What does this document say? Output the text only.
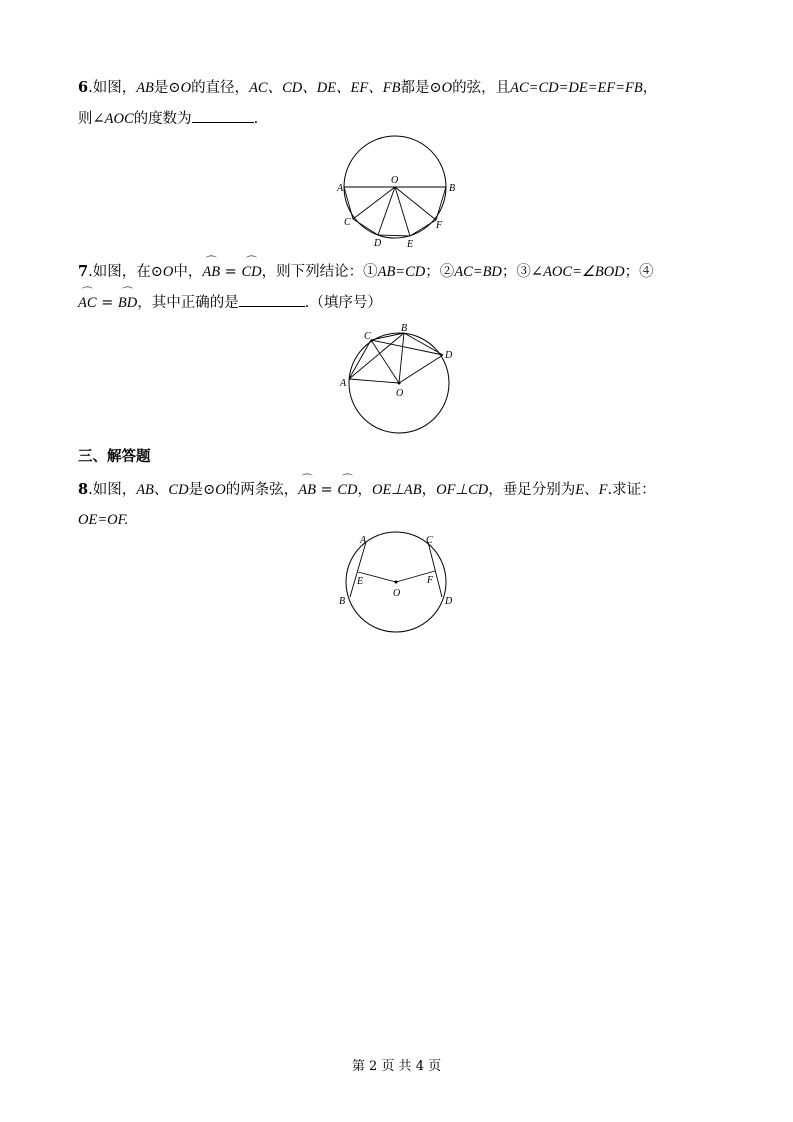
6.如图，AB是⊙O的直径，AC、CD、DE、EF、FB都是⊙O的弦，且AC=CD=DE=EF=FB，
则∠AOC的度数为	.
A	B
O
C
D	E
F
7.如图，在⊙O中，⌒ AB = ⌒ CD，则下列结论：①AB=CD；②AC=BD；③∠AOC=∠BOD；④
⌒ AC = ⌒ BD，其中正确的是	.（填序号）
A
C
B
D
O
三、解答题
8.如图，AB、CD是⊙O的两条弦，⌒ AB = ⌒ CD，OE⊥AB，OF⊥CD，垂足分别为E、F.求证：
OE=OF.
A	C
E	F
O
B	D
第 2 页 共 4 页
